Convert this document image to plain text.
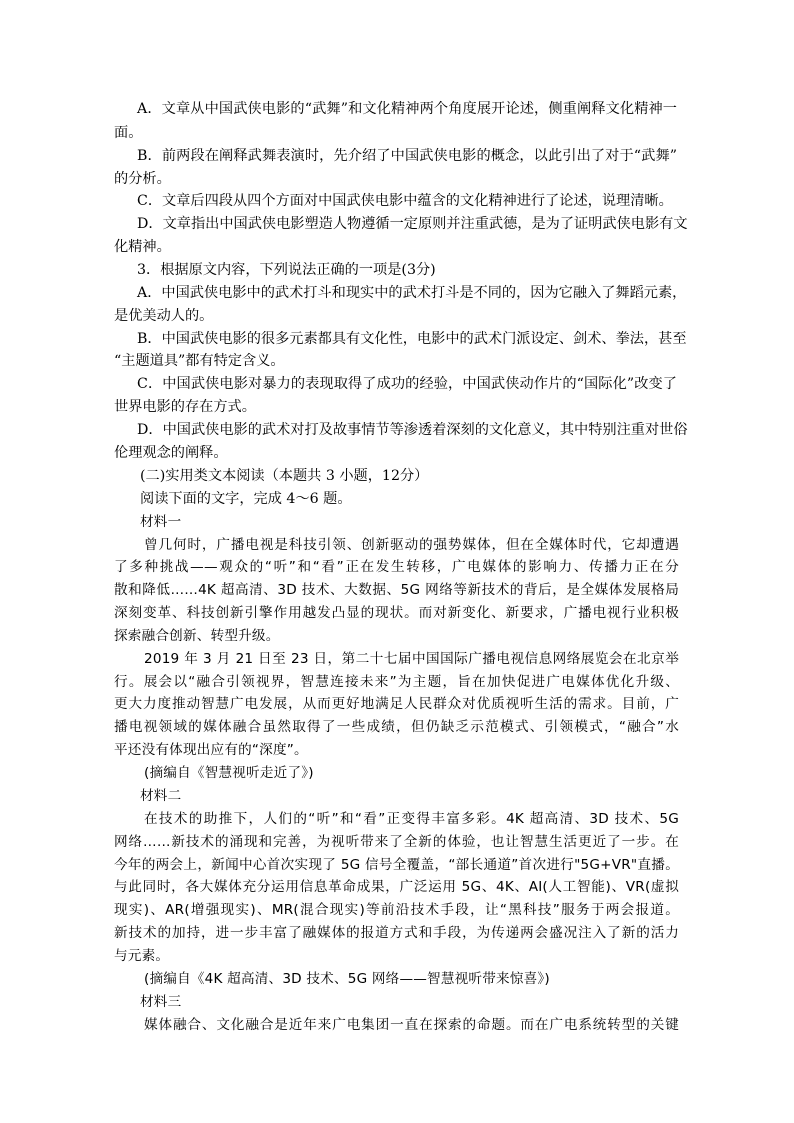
A．文章从中国武侠电影的“武舞”和文化精神两个角度展开论述，侧重阐释文化精神一
面。
B．前两段在阐释武舞表演时，先介绍了中国武侠电影的概念，以此引出了对于“武舞”
的分析。
C．文章后四段从四个方面对中国武侠电影中蕴含的文化精神进行了论述，说理清晰。
D．文章指出中国武侠电影塑造人物遵循一定原则并注重武德，是为了证明武侠电影有文
化精神。
3．根据原文内容，下列说法正确的一项是(3分)
A．中国武侠电影中的武术打斗和现实中的武术打斗是不同的，因为它融入了舞蹈元素，
是优美动人的。
B．中国武侠电影的很多元素都具有文化性，电影中的武术门派设定、剑术、拳法，甚至
“主题道具”都有特定含义。
C．中国武侠电影对暴力的表现取得了成功的经验，中国武侠动作片的“国际化”改变了
世界电影的存在方式。
D．中国武侠电影的武术对打及故事情节等渗透着深刻的文化意义，其中特别注重对世俗
伦理观念的阐释。
(二)实用类文本阅读（本题共 3 小题，12分）
阅读下面的文字，完成 4～6 题。
材料一
曾几何时，广播电视是科技引领、创新驱动的强势媒体，但在全媒体时代，它却遭遇
了多种挑战——观众的“听”和“看”正在发生转移，广电媒体的影响力、传播力正在分
散和降低……4K 超高清、3D 技术、大数据、5G 网络等新技术的背后，是全媒体发展格局
深刻变革、科技创新引擎作用越发凸显的现状。而对新变化、新要求，广播电视行业积极
探索融合创新、转型升级。
2019 年 3 月 21 日至 23 日，第二十七届中国国际广播电视信息网络展览会在北京举
行。展会以“融合引领视界，智慧连接未来”为主题，旨在加快促进广电媒体优化升级、
更大力度推动智慧广电发展，从而更好地满足人民群众对优质视听生活的需求。目前，广
播电视领域的媒体融合虽然取得了一些成绩，但仍缺乏示范模式、引领模式，“融合”水
平还没有体现出应有的“深度”。
(摘编自《智慧视听走近了》)
材料二
在技术的助推下，人们的“听”和“看”正变得丰富多彩。4K 超高清、3D 技术、5G
网络……新技术的涌现和完善，为视听带来了全新的体验，也让智慧生活更近了一步。在
今年的两会上，新闻中心首次实现了 5G 信号全覆盖，“部长通道”首次进行"5G+VR"直播。
与此同时，各大媒体充分运用信息革命成果，广泛运用 5G、4K、AI(人工智能)、VR(虚拟
现实)、AR(增强现实)、MR(混合现实)等前沿技术手段，让“黑科技”服务于两会报道。
新技术的加持，进一步丰富了融媒体的报道方式和手段，为传递两会盛况注入了新的活力
与元素。
(摘编自《4K 超高清、3D 技术、5G 网络——智慧视听带来惊喜》)
材料三
媒体融合、文化融合是近年来广电集团一直在探索的命题。而在广电系统转型的关键
